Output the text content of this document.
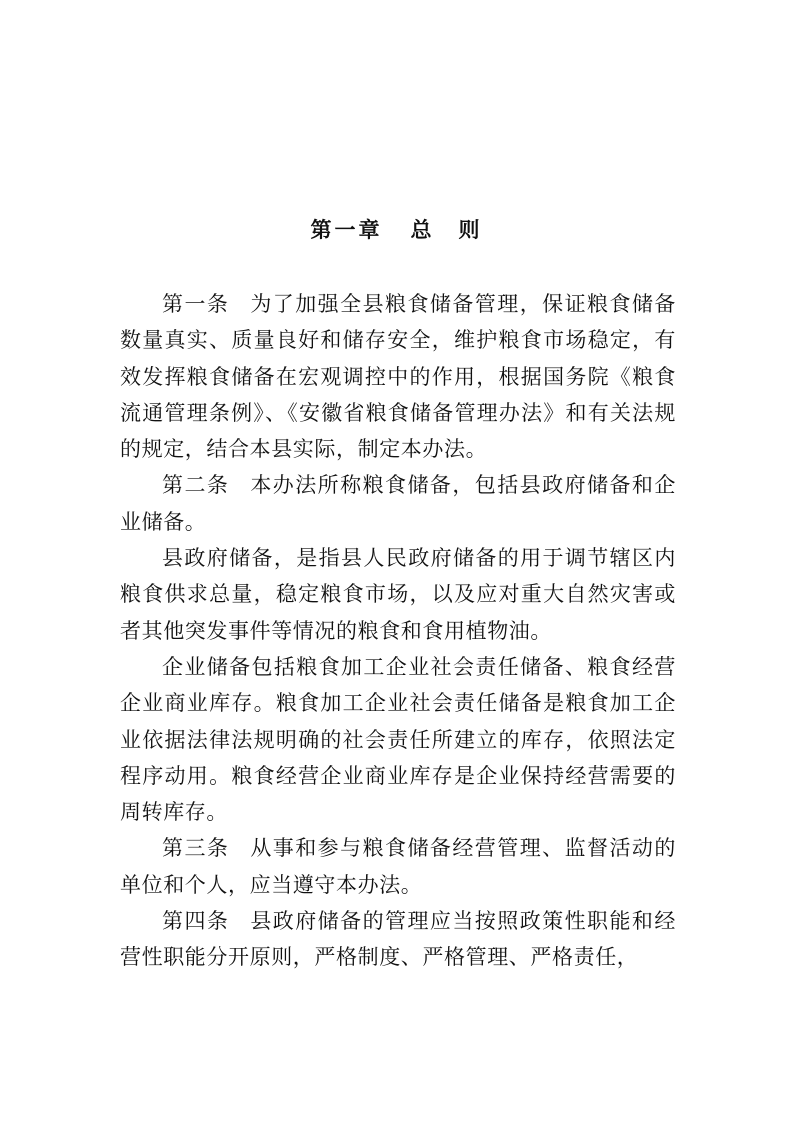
第一章 总　则

第一条 为了加强全县粮食储备管理，保证粮食储备数量真实、质量良好和储存安全，维护粮食市场稳定，有效发挥粮食储备在宏观调控中的作用，根据国务院《粮食流通管理条例》、《安徽省粮食储备管理办法》和有关法规的规定，结合本县实际，制定本办法。

第二条 本办法所称粮食储备，包括县政府储备和企业储备。

县政府储备，是指县人民政府储备的用于调节辖区内粮食供求总量，稳定粮食市场，以及应对重大自然灾害或者其他突发事件等情况的粮食和食用植物油。

企业储备包括粮食加工企业社会责任储备、粮食经营企业商业库存。粮食加工企业社会责任储备是粮食加工企业依据法律法规明确的社会责任所建立的库存，依照法定程序动用。粮食经营企业商业库存是企业保持经营需要的周转库存。

第三条 从事和参与粮食储备经营管理、监督活动的单位和个人，应当遵守本办法。

第四条 县政府储备的管理应当按照政策性职能和经营性职能分开原则，严格制度、严格管理、严格责任，
